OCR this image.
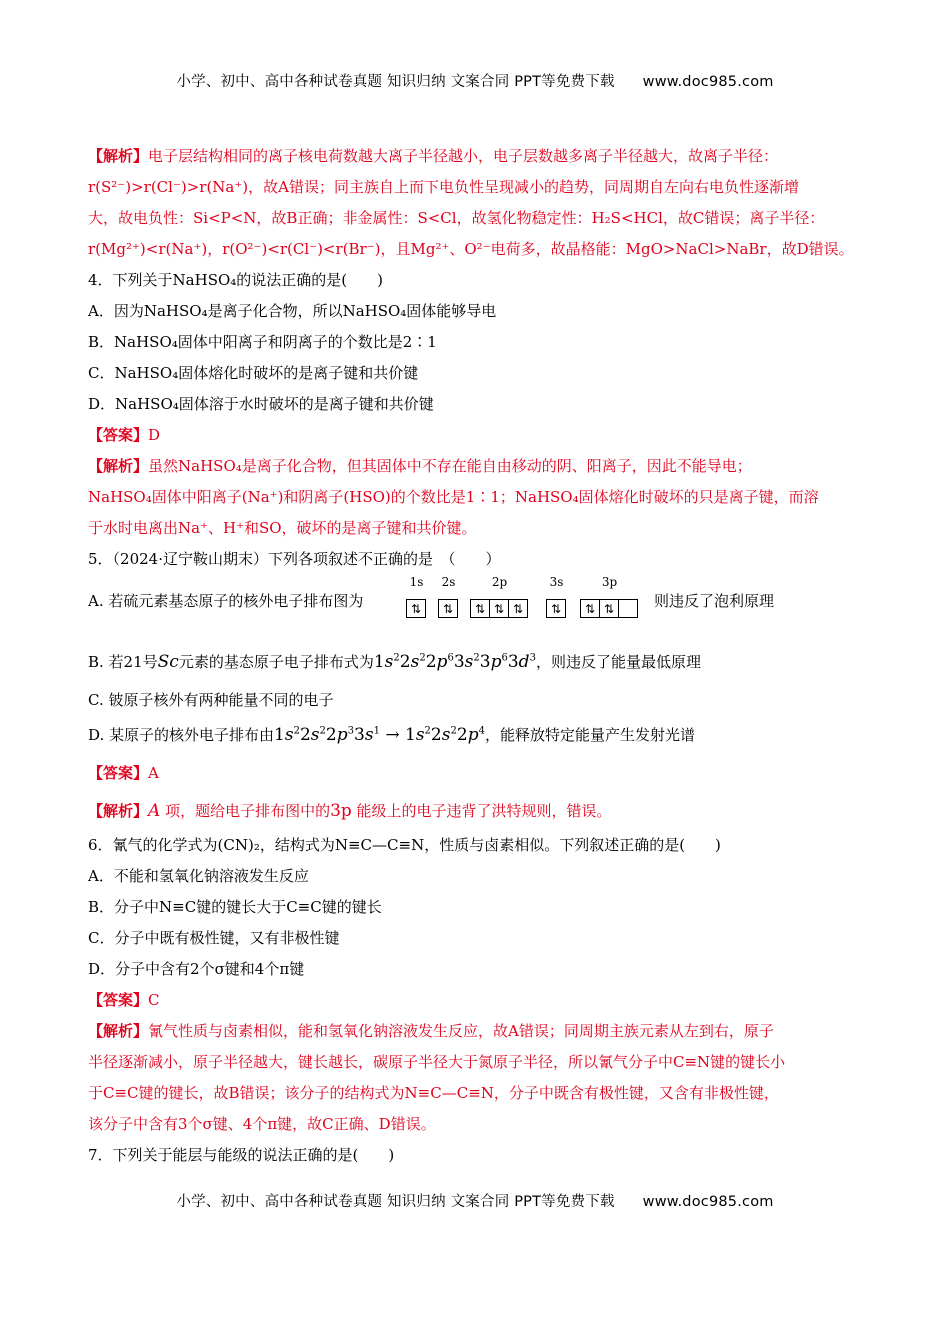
小学、初中、高中各种试卷真题 知识归纳 文案合同 PPT等免费下载 www.doc985.com
【解析】电子层结构相同的离子核电荷数越大离子半径越小，电子层数越多离子半径越大，故离子半径：
r(S²⁻)>r(Cl⁻)>r(Na⁺)，故A错误；同主族自上而下电负性呈现减小的趋势，同周期自左向右电负性逐渐增
大，故电负性：Si<P<N，故B正确；非金属性：S<Cl，故氢化物稳定性：H₂S<HCl，故C错误；离子半径：
r(Mg²⁺)<r(Na⁺)，r(O²⁻)<r(Cl⁻)<r(Br⁻)，且Mg²⁺、O²⁻电荷多，故晶格能：MgO>NaCl>NaBr，故D错误。
4．下列关于NaHSO₄的说法正确的是(　　)
A．因为NaHSO₄是离子化合物，所以NaHSO₄固体能够导电
B．NaHSO₄固体中阳离子和阴离子的个数比是2∶1
C．NaHSO₄固体熔化时破坏的是离子键和共价键
D．NaHSO₄固体溶于水时破坏的是离子键和共价键
【答案】D
【解析】虽然NaHSO₄是离子化合物，但其固体中不存在能自由移动的阴、阳离子，因此不能导电；
NaHSO₄固体中阳离子(Na⁺)和阴离子(HSO)的个数比是1∶1；NaHSO₄固体熔化时破坏的只是离子键，而溶
于水时电离出Na⁺、H⁺和SO，破坏的是离子键和共价键。
5．（2024·辽宁鞍山期末）下列各项叙述不正确的是　（　　）
A. 若硫元素基态原子的核外电子排布图为
1s
⇅
2s
⇅
2p
⇅ ⇅ ⇅
3s
⇅
3p
⇅ ⇅	则违反了泡利原理
B. 若21号Sc元素的基态原子电子排布式为$1s^22s^22p^63s^23p^63d^3$，则违反了能量最低原理
C. 铍原子核外有两种能量不同的电子
D. 某原子的核外电子排布由$1s^22s^22p^33s^1 \to 1s^22s^22p^4$，能释放特定能量产生发射光谱
【答案】A
【解析】A 项，题给电子排布图中的3p 能级上的电子违背了洪特规则，错误。
6．氰气的化学式为(CN)₂，结构式为N≡C—C≡N，性质与卤素相似。下列叙述正确的是(　　)
A．不能和氢氧化钠溶液发生反应
B．分子中N≡C键的键长大于C≡C键的键长
C．分子中既有极性键，又有非极性键
D．分子中含有2个σ键和4个π键
【答案】C
【解析】氰气性质与卤素相似，能和氢氧化钠溶液发生反应，故A错误；同周期主族元素从左到右，原子
半径逐渐减小，原子半径越大，键长越长，碳原子半径大于氮原子半径，所以氰气分子中C≡N键的键长小
于C≡C键的键长，故B错误；该分子的结构式为N≡C—C≡N，分子中既含有极性键，又含有非极性键，
该分子中含有3个σ键、4个π键，故C正确、D错误。
7．下列关于能层与能级的说法正确的是(　　)
小学、初中、高中各种试卷真题 知识归纳 文案合同 PPT等免费下载 www.doc985.com
